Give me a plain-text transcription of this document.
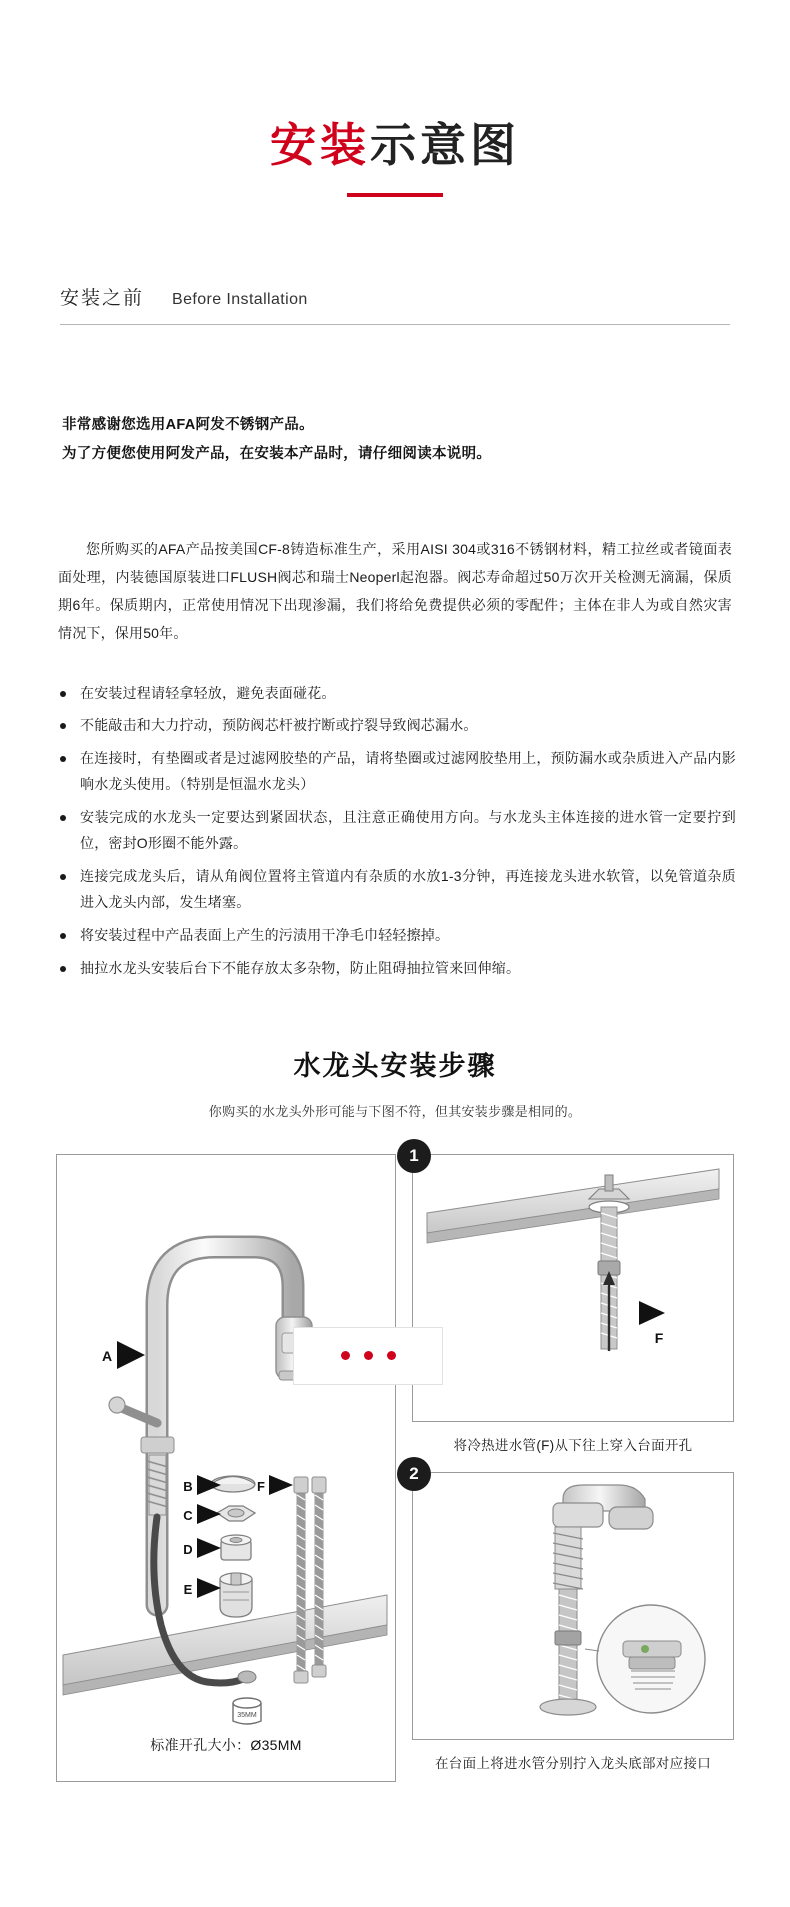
安装示意图
安装之前 Before Installation
非常感谢您选用AFA阿发不锈钢产品。
为了方便您使用阿发产品，在安装本产品时，请仔细阅读本说明。
您所购买的AFA产品按美国CF-8铸造标准生产，采用AISI 304或316不锈钢材料，精工拉丝或者镜面表面处理，内装德国原装进口FLUSH阀芯和瑞士Neoperl起泡器。阀芯寿命超过50万次开关检测无滴漏，保质期6年。保质期内，正常使用情况下出现渗漏，我们将给免费提供必须的零配件；主体在非人为或自然灾害情况下，保用50年。
在安装过程请轻拿轻放，避免表面碰花。
不能敲击和大力拧动，预防阀芯杆被拧断或拧裂导致阀芯漏水。
在连接时，有垫圈或者是过滤网胶垫的产品，请将垫圈或过滤网胶垫用上，预防漏水或杂质进入产品内影响水龙头使用。（特别是恒温水龙头）
安装完成的水龙头一定要达到紧固状态，且注意正确使用方向。与水龙头主体连接的进水管一定要拧到位，密封O形圈不能外露。
连接完成龙头后，请从角阀位置将主管道内有杂质的水放1-3分钟，再连接龙头进水软管，以免管道杂质进入龙头内部，发生堵塞。
将安装过程中产品表面上产生的污渍用干净毛巾轻轻擦掉。
抽拉水龙头安装后台下不能存放太多杂物，防止阻碍抽拉管来回伸缩。
水龙头安装步骤
你购买的水龙头外形可能与下图不符，但其安装步骤是相同的。
35MM
A
B
C
D
E
F
标准开孔大小：Ø35MM
1
F
将冷热进水管(F)从下往上穿入台面开孔
2
在台面上将进水管分别拧入龙头底部对应接口
